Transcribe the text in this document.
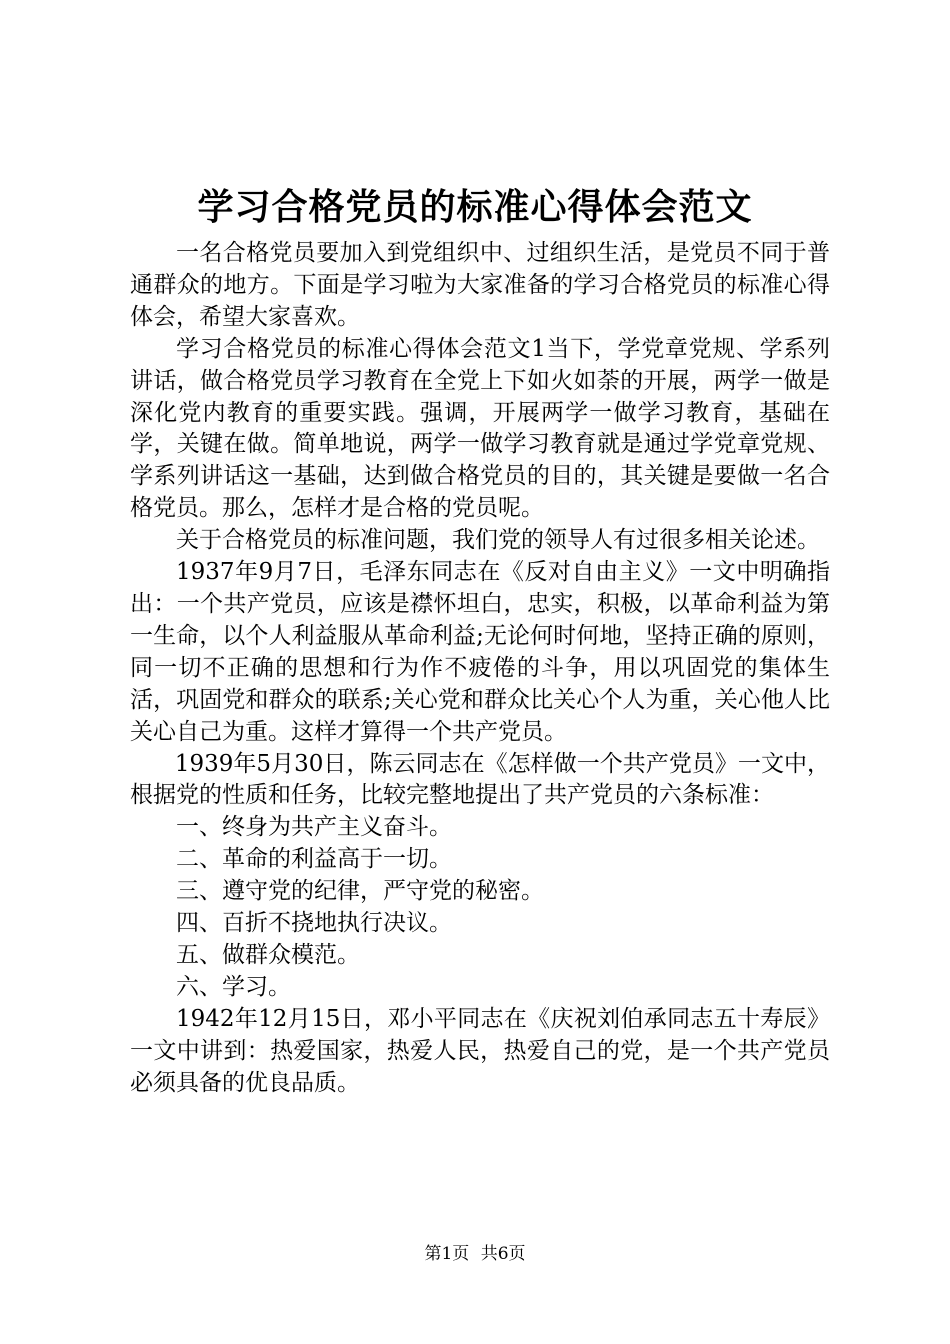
学习合格党员的标准心得体会范文

一名合格党员要加入到党组织中、过组织生活，是党员不同于普通群众的地方。下面是学习啦为大家准备的学习合格党员的标准心得体会，希望大家喜欢。

学习合格党员的标准心得体会范文1当下，学党章党规、学系列讲话，做合格党员学习教育在全党上下如火如荼的开展，两学一做是深化党内教育的重要实践。强调，开展两学一做学习教育，基础在学，关键在做。简单地说，两学一做学习教育就是通过学党章党规、学系列讲话这一基础，达到做合格党员的目的，其关键是要做一名合格党员。那么，怎样才是合格的党员呢。

关于合格党员的标准问题，我们党的领导人有过很多相关论述。

1937年9月7日，毛泽东同志在《反对自由主义》一文中明确指出：一个共产党员，应该是襟怀坦白，忠实，积极，以革命利益为第一生命，以个人利益服从革命利益;无论何时何地，坚持正确的原则，同一切不正确的思想和行为作不疲倦的斗争，用以巩固党的集体生活，巩固党和群众的联系;关心党和群众比关心个人为重，关心他人比关心自己为重。这样才算得一个共产党员。

1939年5月30日，陈云同志在《怎样做一个共产党员》一文中，根据党的性质和任务，比较完整地提出了共产党员的六条标准：

一、终身为共产主义奋斗。

二、革命的利益高于一切。

三、遵守党的纪律，严守党的秘密。

四、百折不挠地执行决议。

五、做群众模范。

六、学习。

1942年12月15日，邓小平同志在《庆祝刘伯承同志五十寿辰》一文中讲到：热爱国家，热爱人民，热爱自己的党，是一个共产党员必须具备的优良品质。

第1页 共6页
